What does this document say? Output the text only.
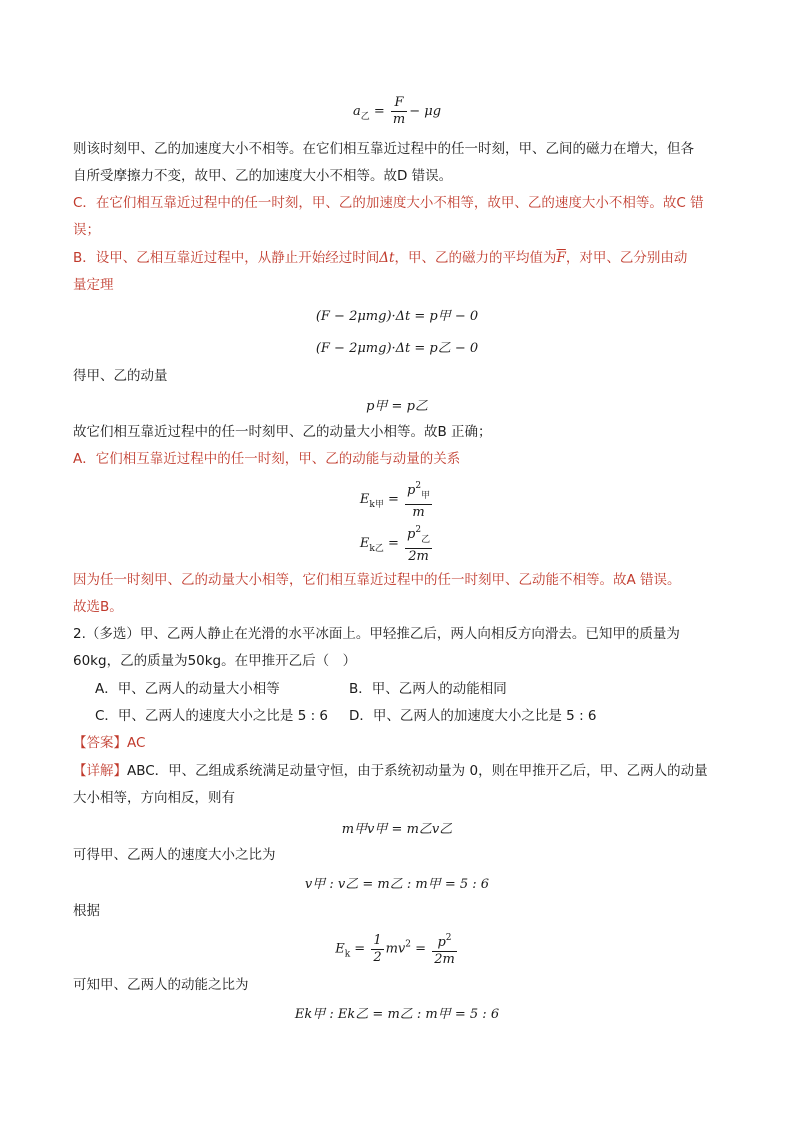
$a_乙 = \frac{F}{m} - \mu g$
则该时刻甲、乙的加速度大小不相等。在它们相互靠近过程中的任一时刻，甲、乙间的磁力在增大，但各
自所受摩擦力不变，故甲、乙的加速度大小不相等。故D 错误。
C．在它们相互靠近过程中的任一时刻，甲、乙的加速度大小不相等，故甲、乙的速度大小不相等。故C 错
误；
B．设甲、乙相互靠近过程中，从静止开始经过时间Δt，甲、乙的磁力的平均值为$\overline{F}$，对甲、乙分别由动
量定理
(F − 2μmg)·Δt = p甲 − 0
(F − 2μmg)·Δt = p乙 − 0
得甲、乙的动量
p甲 = p乙
故它们相互靠近过程中的任一时刻甲、乙的动量大小相等。故B 正确；
A．它们相互靠近过程中的任一时刻，甲、乙的动能与动量的关系
$E_{k甲} = \frac{p^2_甲}{m}$
$E_{k乙} = \frac{p^2_乙}{2m}$
因为任一时刻甲、乙的动量大小相等，它们相互靠近过程中的任一时刻甲、乙动能不相等。故A 错误。
故选B。
2.（多选）甲、乙两人静止在光滑的水平冰面上。甲轻推乙后，两人向相反方向滑去。已知甲的质量为
60kg，乙的质量为50kg。在甲推开乙后（　）
A．甲、乙两人的动量大小相等	B．甲、乙两人的动能相同
C．甲、乙两人的速度大小之比是 5 : 6 D．甲、乙两人的加速度大小之比是 5 : 6
【答案】AC
【详解】ABC．甲、乙组成系统满足动量守恒，由于系统初动量为 0，则在甲推开乙后，甲、乙两人的动量
大小相等，方向相反，则有
m甲v甲 = m乙v乙
可得甲、乙两人的速度大小之比为
v甲 : v乙 = m乙 : m甲 = 5 : 6
根据
$E_k = \frac{1}{2} mv^2 = \frac{p^2}{2m}$
可知甲、乙两人的动能之比为
Ek甲 : Ek乙 = m乙 : m甲 = 5 : 6
